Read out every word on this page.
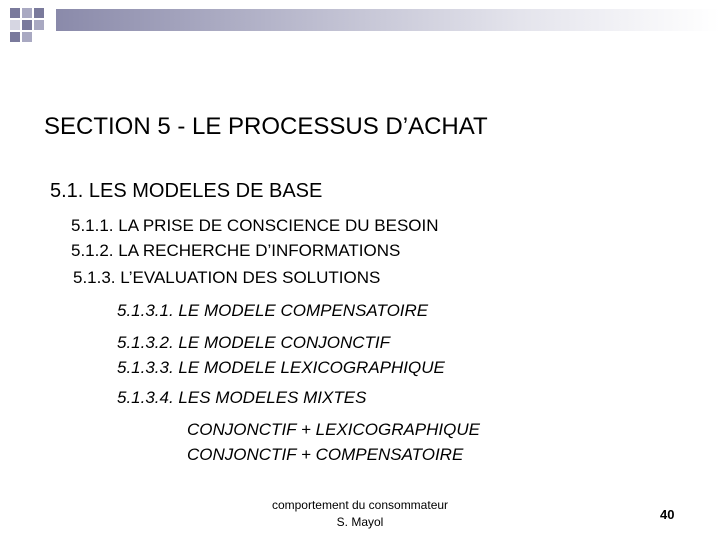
SECTION 5 - LE PROCESSUS D’ACHAT
5.1. LES MODELES DE BASE
5.1.1. LA PRISE DE CONSCIENCE DU BESOIN
5.1.2. LA RECHERCHE D’INFORMATIONS
5.1.3. L’EVALUATION DES SOLUTIONS
5.1.3.1. LE MODELE COMPENSATOIRE
5.1.3.2. LE MODELE CONJONCTIF
5.1.3.3. LE MODELE LEXICOGRAPHIQUE
5.1.3.4. LES MODELES MIXTES
CONJONCTIF + LEXICOGRAPHIQUE
CONJONCTIF + COMPENSATOIRE
comportement du consommateur
S. Mayol	40
